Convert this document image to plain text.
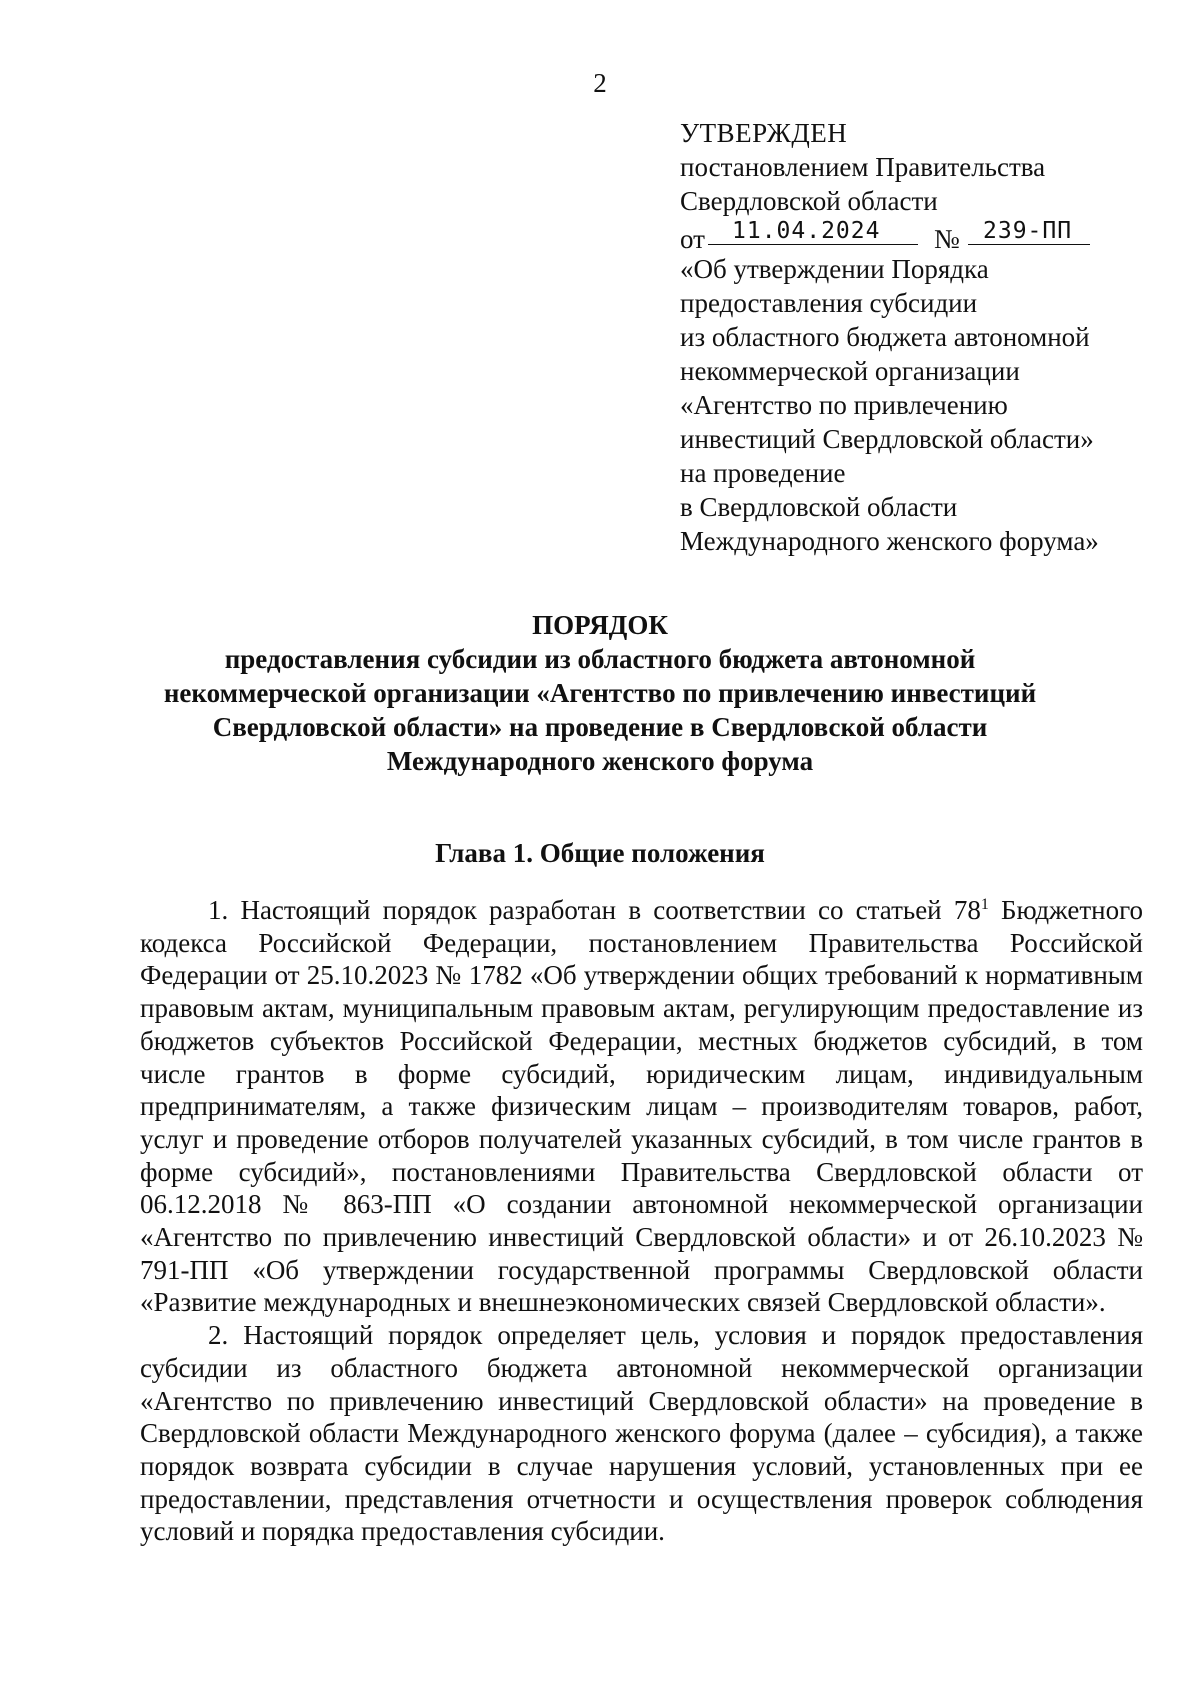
2
УТВЕРЖДЕН
постановлением Правительства
Свердловской области
от 11.04.2024 № 239-ПП
«Об утверждении Порядка
предоставления субсидии
из областного бюджета автономной
некоммерческой организации
«Агентство по привлечению
инвестиций Свердловской области»
на проведение
в Свердловской области
Международного женского форума»
ПОРЯДОК
предоставления субсидии из областного бюджета автономной
некоммерческой организации «Агентство по привлечению инвестиций
Свердловской области» на проведение в Свердловской области
Международного женского форума
Глава 1. Общие положения

1. Настоящий порядок разработан в соответствии со статьей $78^1$ Бюджетного кодекса Российской Федерации, постановлением Правительства Российской Федерации от 25.10.2023 № 1782 «Об утверждении общих требований к нормативным правовым актам, муниципальным правовым актам, регулирующим предоставление из бюджетов субъектов Российской Федерации, местных бюджетов субсидий, в том числе грантов в форме субсидий, юридическим лицам, индивидуальным предпринимателям, а также физическим лицам – производителям товаров, работ, услуг и проведение отборов получателей указанных субсидий, в том числе грантов в форме субсидий», постановлениями Правительства Свердловской области от 06.12.2018 № 863-ПП «О создании автономной некоммерческой организации «Агентство по привлечению инвестиций Свердловской области» и от 26.10.2023 № 791-ПП «Об утверждении государственной программы Свердловской области «Развитие международных и внешнеэкономических связей Свердловской области».

2. Настоящий порядок определяет цель, условия и порядок предоставления субсидии из областного бюджета автономной некоммерческой организации «Агентство по привлечению инвестиций Свердловской области» на проведение в Свердловской области Международного женского форума (далее – субсидия), а также порядок возврата субсидии в случае нарушения условий, установленных при ее предоставлении, представления отчетности и осуществления проверок соблюдения условий и порядка предоставления субсидии.
